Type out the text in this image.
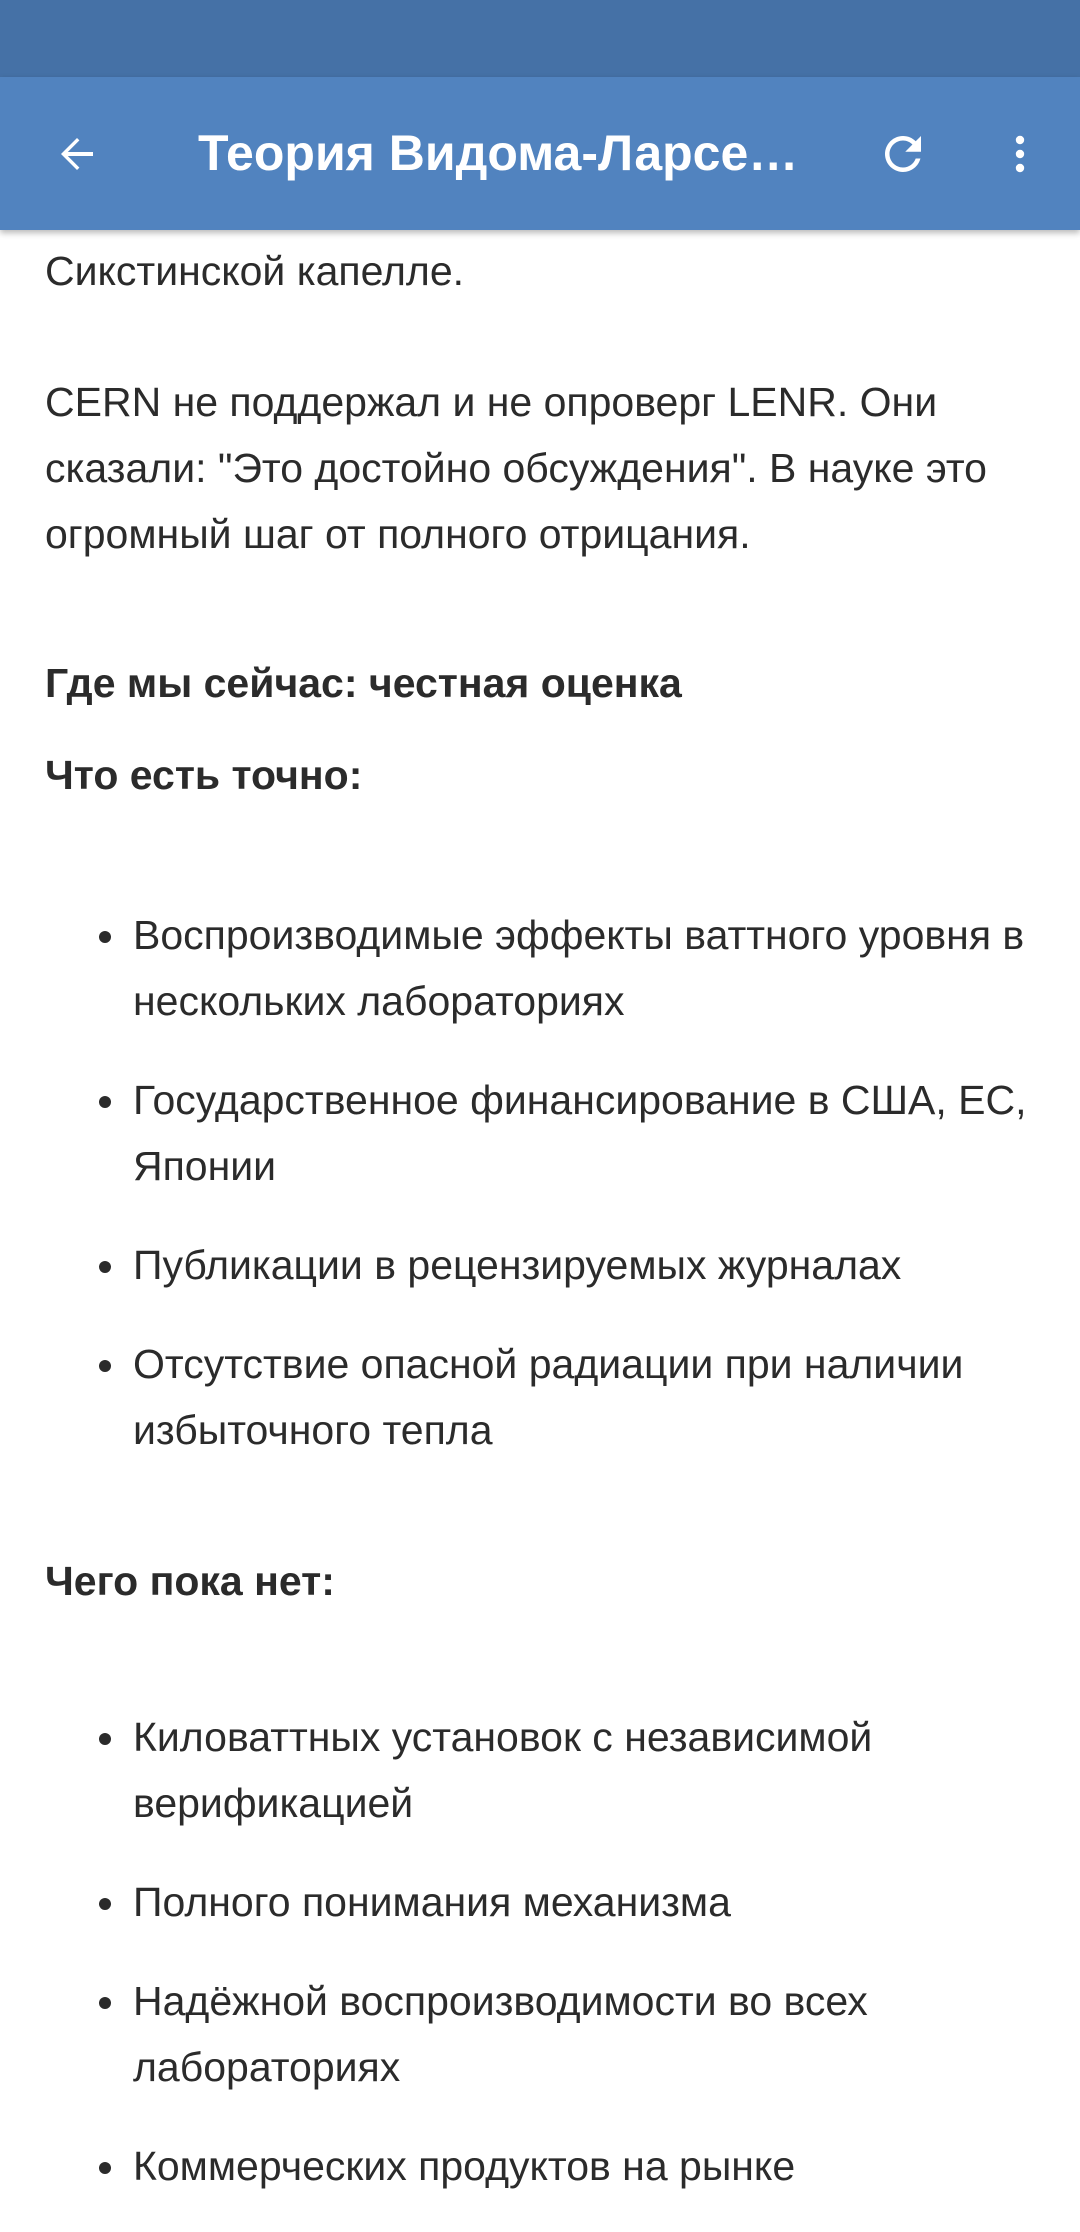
Теория Видома-Ларсе…

Сикстинской капелле.

CERN не поддержал и не опроверг LENR. Они сказали: "Это достойно обсуждения". В науке это огромный шаг от полного отрицания.

Где мы сейчас: честная оценка
Что есть точно:
Воспроизводимые эффекты ваттного уровня в нескольких лабораториях
Государственное финансирование в США, ЕС, Японии
Публикации в рецензируемых журналах
Отсутствие опасной радиации при наличии избыточного тепла
Чего пока нет:
Киловаттных установок с независимой верификацией
Полного понимания механизма
Надёжной воспроизводимости во всех лабораториях
Коммерческих продуктов на рынке
